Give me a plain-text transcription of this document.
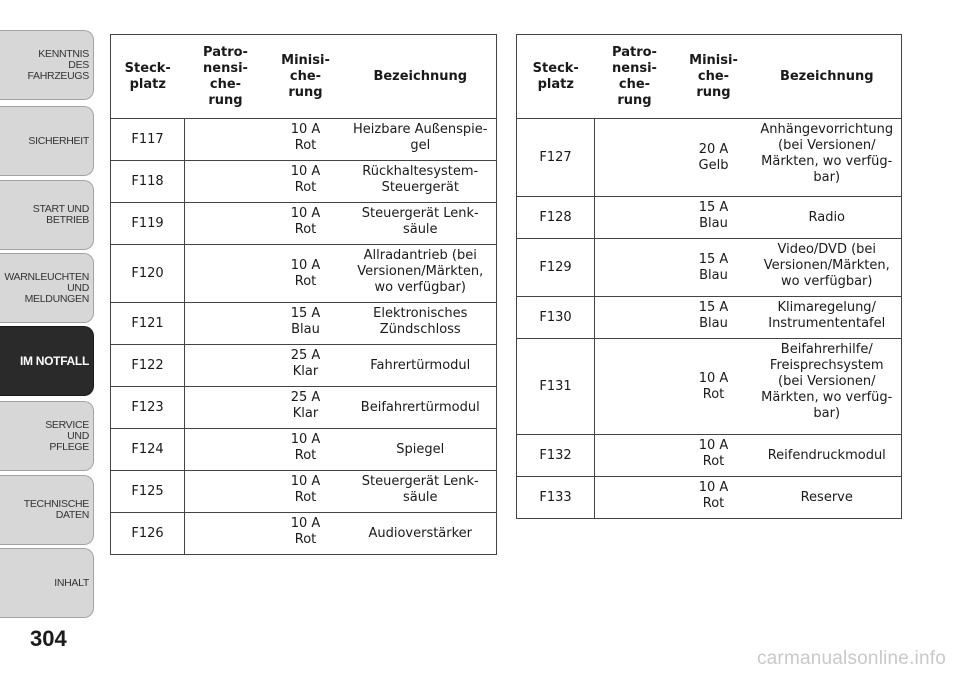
KENNTNIS
DES
FAHRZEUGS
SICHERHEIT
START UND
BETRIEB
WARNLEUCHTEN
UND
MELDUNGEN
IM NOTFALL
SERVICE
UND
PFLEGE
TECHNISCHE
DATEN
INHALT
304
Steck-
platz	Patro-
nensi-
che-
rung	Minisi-
che-
rung	Bezeichnung
F117		10 A
Rot	Heizbare Außenspie-
gel
F118		10 A
Rot	Rückhaltesystem-
Steuergerät
F119		10 A
Rot	Steuergerät Lenk-
säule
F120		10 A
Rot	Allradantrieb (bei
Versionen/Märkten,
wo verfügbar)
F121		15 A
Blau	Elektronisches
Zündschloss
F122		25 A
Klar	Fahrertürmodul
F123		25 A
Klar	Beifahrertürmodul
F124		10 A
Rot	Spiegel
F125		10 A
Rot	Steuergerät Lenk-
säule
F126		10 A
Rot	Audioverstärker
Steck-
platz	Patro-
nensi-
che-
rung	Minisi-
che-
rung	Bezeichnung
F127		20 A
Gelb	Anhängevorrichtung
(bei Versionen/
Märkten, wo verfüg-
bar)
F128		15 A
Blau	Radio
F129		15 A
Blau	Video/DVD (bei
Versionen/Märkten,
wo verfügbar)
F130		15 A
Blau	Klimaregelung/
Instrumententafel
F131		10 A
Rot	Beifahrerhilfe/
Freisprechsystem
(bei Versionen/
Märkten, wo verfüg-
bar)
F132		10 A
Rot	Reifendruckmodul
F133		10 A
Rot	Reserve
carmanualsonline.info
